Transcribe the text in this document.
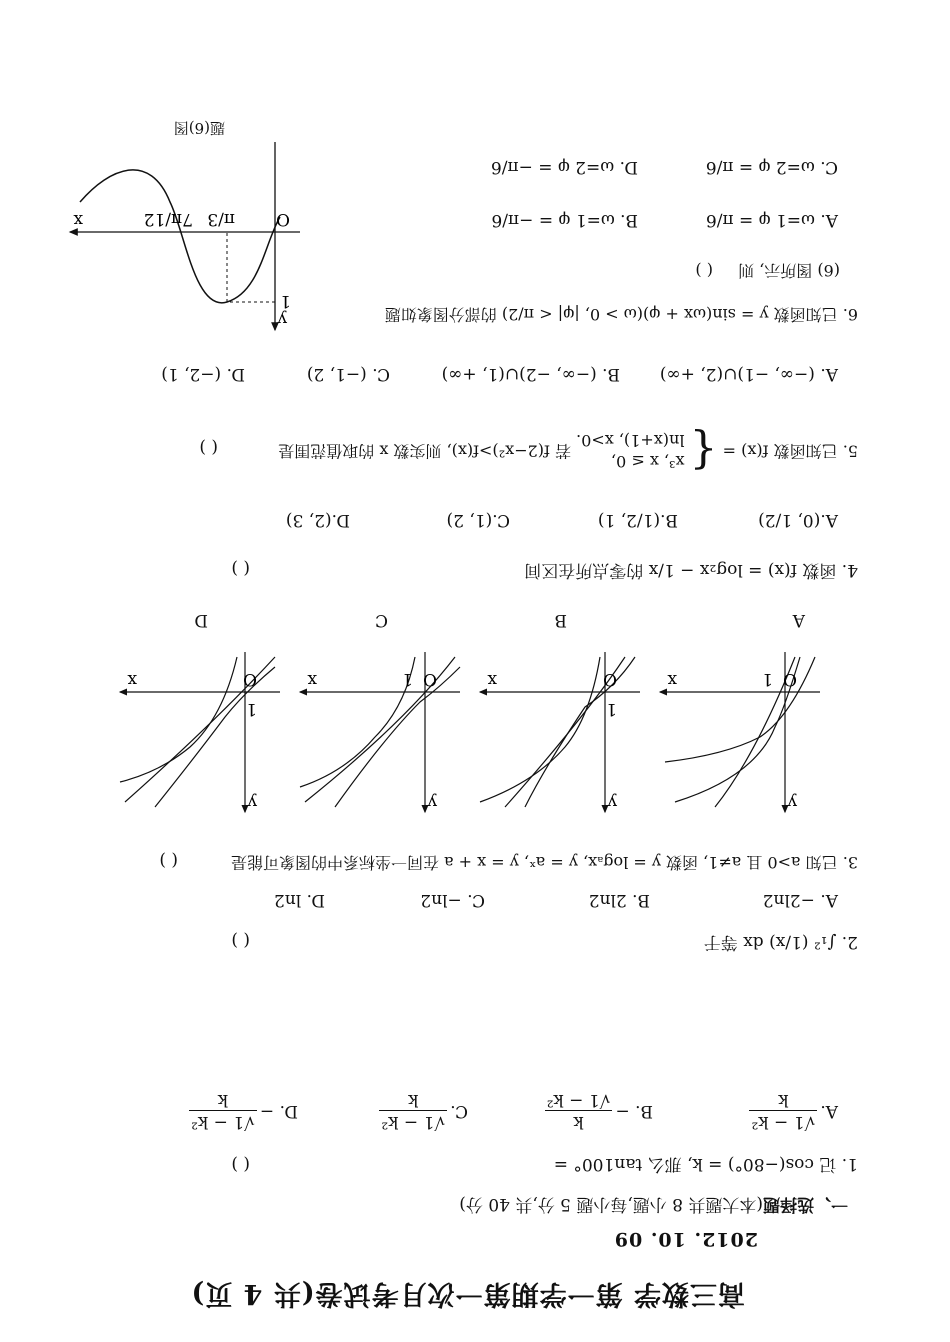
高三数学 第一学期第一次月考试卷(共 4 页)
2012. 10. 09
一、选择题(本大题共 8 小题,每小题 5 分,共 40 分)
1. 记 cos(−80°) = k, 那么 tan100° =
( )
A.
√1 − k²
k
B. −
k
√1 − k²
C.
√1 − k²
k
D. −
√1 − k²
k
2. ∫₁² (1/x) dx 等于
( )
A. −2ln2
B. 2ln2
C. −ln2
D. ln2
3. 已知 a>0 且 a≠1, 函数 y = logₐx, y = aˣ, y = x + a 在同一坐标系中的图象可能是
( )
y
x	1 O
y
x
1
O
y
x	1 O
y
x
1
O
A
B
C
D
4. 函数 f(x) = log₂x − 1/x 的零点所在区间
( )
A.(0, 1/2)
B.(1/2, 1)
C.(1, 2)
D.(2, 3)
5. 已知函数 f(x) = {
x³, x ≤ 0,
ln(x+1), x>0.
若 f(2−x²)>f(x), 则实数 x 的取值范围是
( )
A. (−∞, −1)∪(2, +∞)
B. (−∞, −2)∪(1, +∞)
C. (−1, 2)
D. (−2, 1)
6. 已知函数 y = sin(ωx + φ)(ω > 0, |φ| < π/2) 的部分图象如题
(6) 图所示, 则 ( )
A. ω=1 φ = π/6
B. ω=1 φ = −π/6
C. ω=2 φ = π/6
D. ω=2 φ = −π/6
y
x
1
O
π/3
7π/12
题(6)图
